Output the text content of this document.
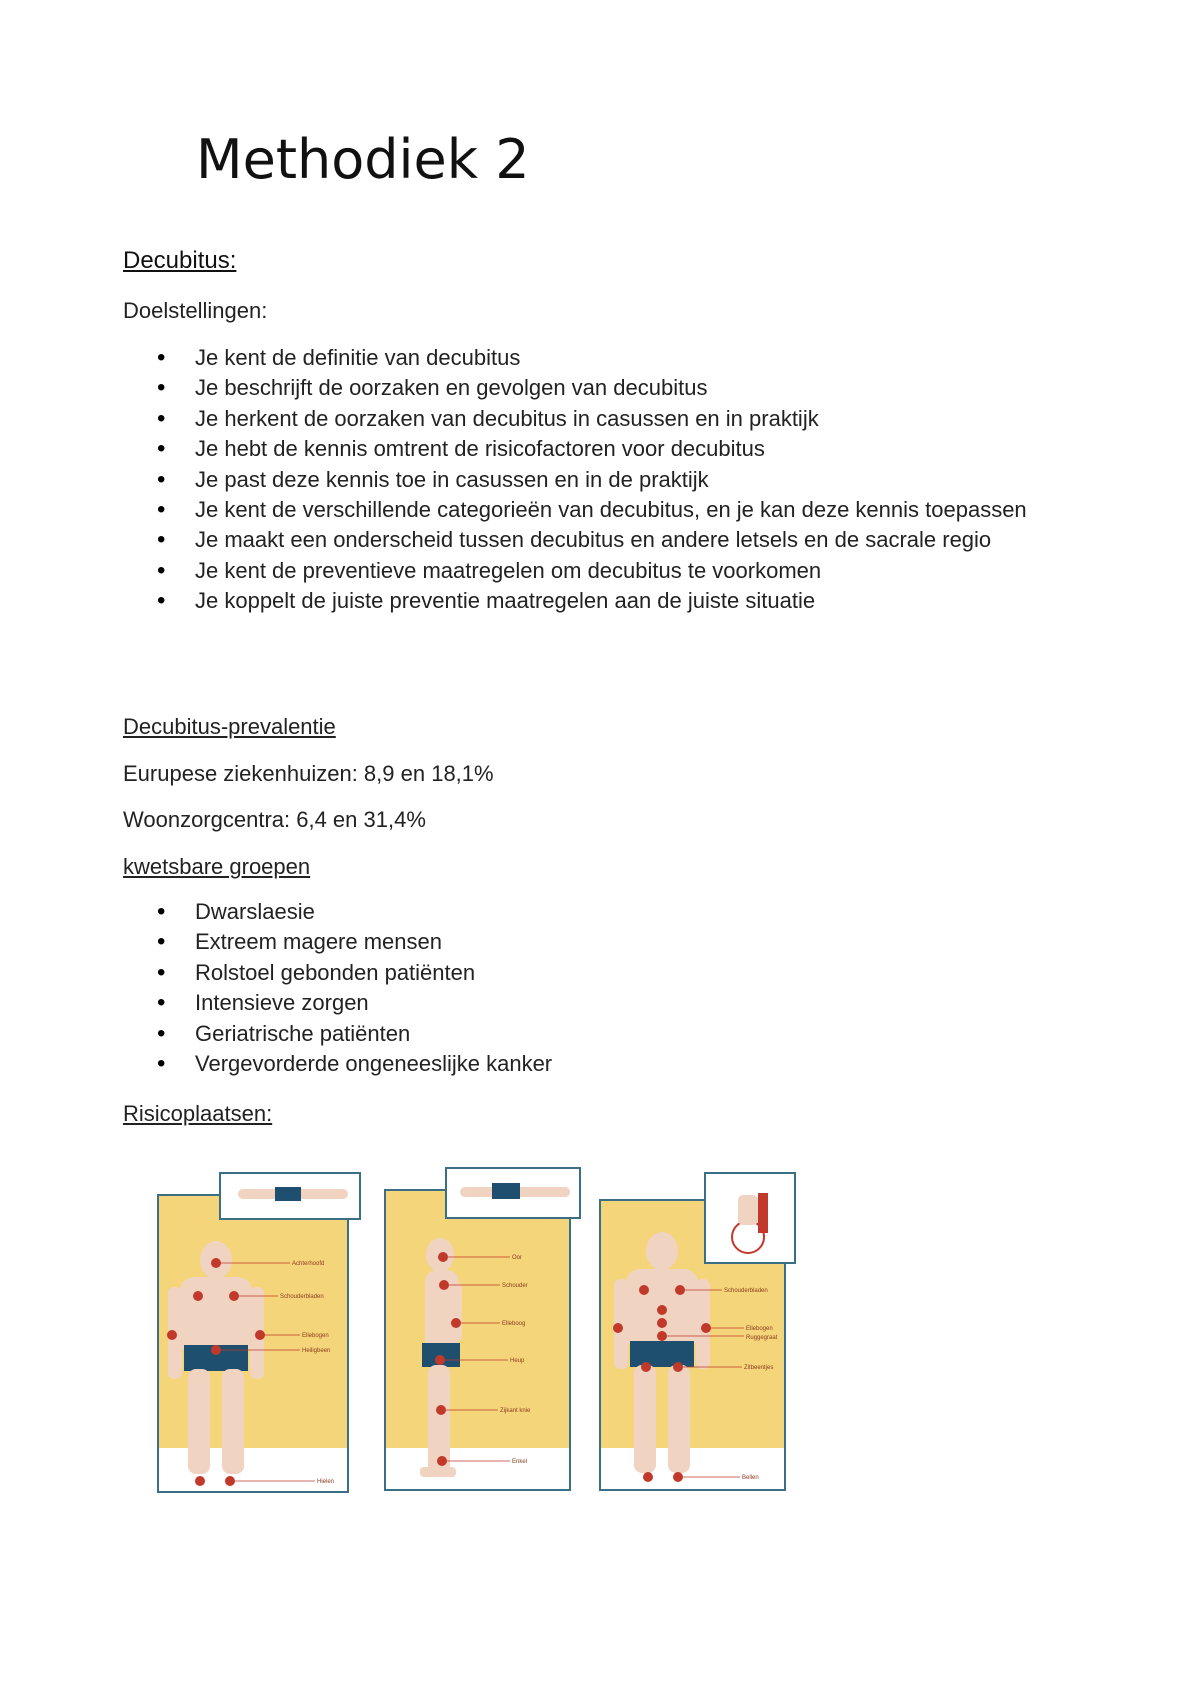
Methodiek 2
Decubitus:

Doelstellingen:

• Je kent de definitie van decubitus
• Je beschrijft de oorzaken en gevolgen van decubitus
• Je herkent de oorzaken van decubitus in casussen en in praktijk
• Je hebt de kennis omtrent de risicofactoren voor decubitus
• Je past deze kennis toe in casussen en in de praktijk
• Je kent de verschillende categorieën van decubitus, en je kan deze kennis toepassen
• Je maakt een onderscheid tussen decubitus en andere letsels en de sacrale regio
• Je kent de preventieve maatregelen om decubitus te voorkomen
• Je koppelt de juiste preventie maatregelen aan de juiste situatie

Decubitus-prevalentie

Eurupese ziekenhuizen: 8,9 en 18,1%

Woonzorgcentra: 6,4 en 31,4%

kwetsbare groepen

• Dwarslaesie
• Extreem magere mensen
• Rolstoel gebonden patiënten
• Intensieve zorgen
• Geriatrische patiënten
• Vergevorderde ongeneeslijke kanker

Risicoplaatsen:

Achterhoofd
Schouderbladen
Ellebogen
Heiligbeen
Hielen
Oor
Schouder
Elleboog
Heup
Zijkant knie
Enkel
Schouderbladen
Ellebogen
Ruggegraat
Zitbeentjes
Bellen
